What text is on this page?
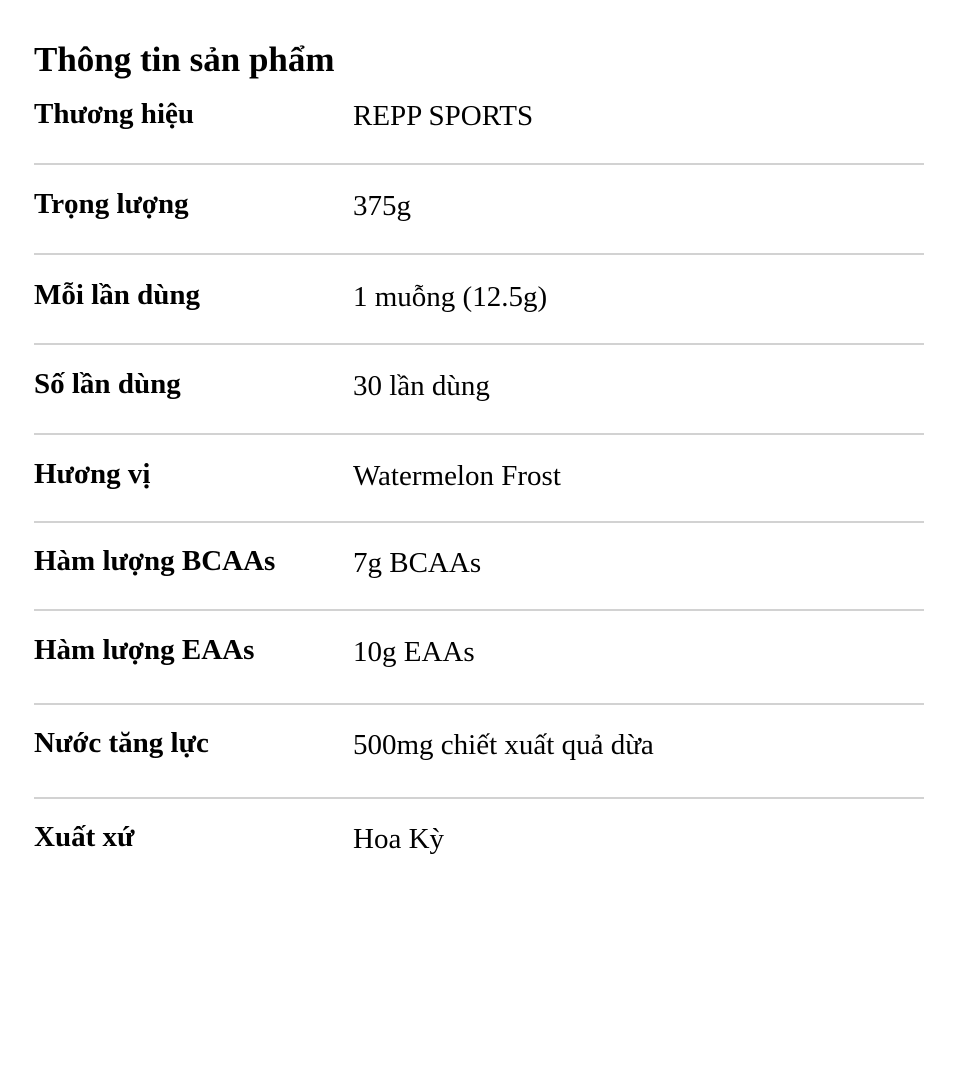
Thông tin sản phẩm
Thương hiệu	REPP SPORTS
Trọng lượng	375g
Mỗi lần dùng	1 muỗng (12.5g)
Số lần dùng	30 lần dùng
Hương vị	Watermelon Frost
Hàm lượng BCAAs	7g BCAAs
Hàm lượng EAAs	10g EAAs
Nước tăng lực	500mg chiết xuất quả dừa
Xuất xứ	Hoa Kỳ
